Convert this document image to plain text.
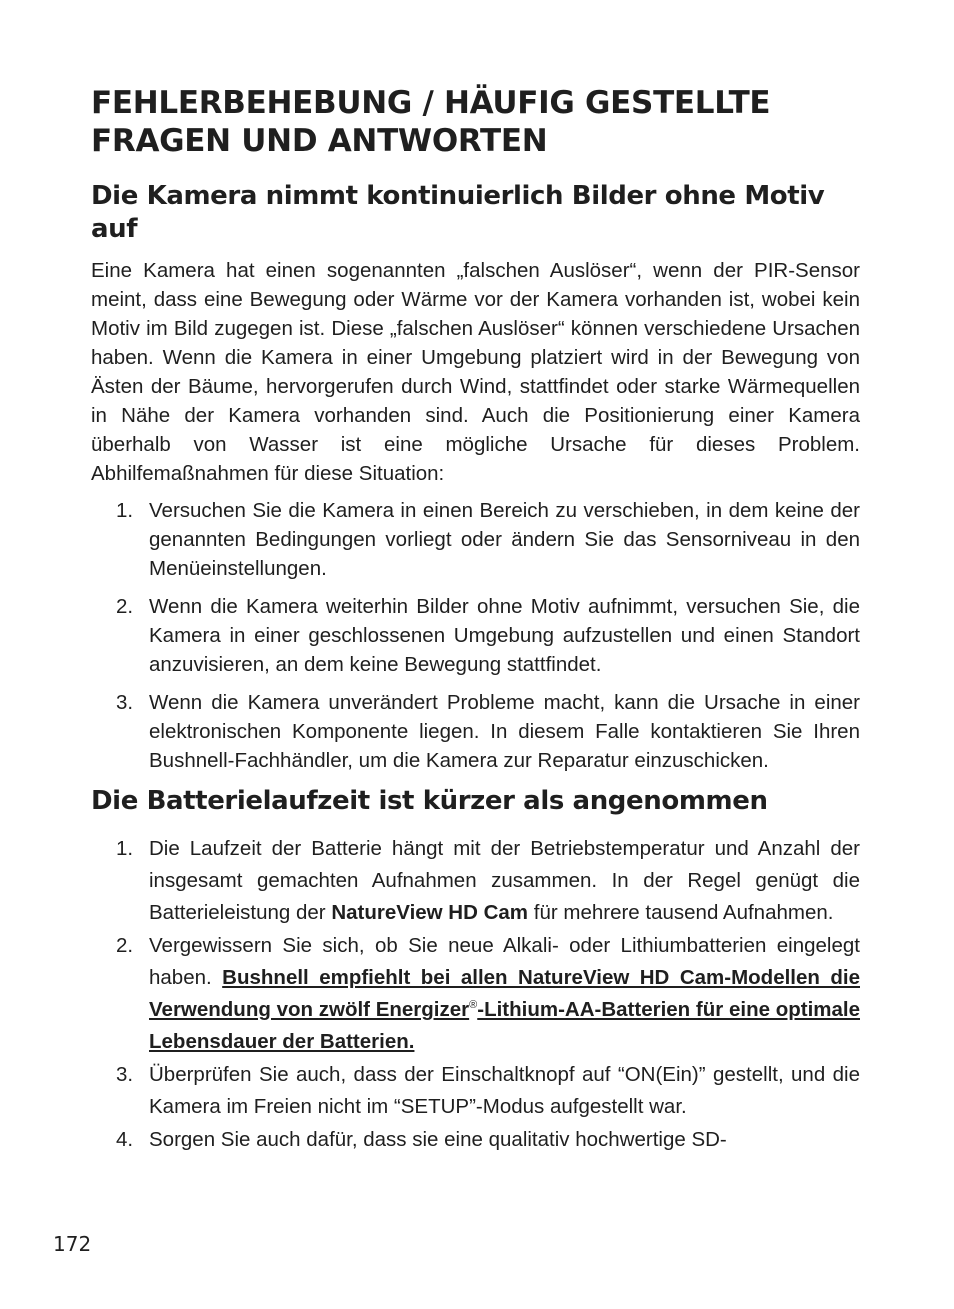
FEHLERBEHEBUNG / HÄUFIG GESTELLTE FRAGEN UND ANTWORTEN
Die Kamera nimmt kontinuierlich Bilder ohne Motiv auf

Eine Kamera hat einen sogenannten „falschen Auslöser“, wenn der PIR-Sensor meint, dass eine Bewegung oder Wärme vor der Kamera vorhanden ist, wobei kein Motiv im Bild zugegen ist. Diese „falschen Auslöser“ können verschiedene Ursachen haben. Wenn die Kamera in einer Umgebung platziert wird in der Bewegung von Ästen der Bäume, hervorgerufen durch Wind, stattfindet oder starke Wärmequellen in Nähe der Kamera vorhanden sind. Auch die Positionierung einer Kamera überhalb von Wasser ist eine mögliche Ursache für dieses Problem. Abhilfemaßnahmen für diese Situation:

1. Versuchen Sie die Kamera in einen Bereich zu verschieben, in dem keine der genannten Bedingungen vorliegt oder ändern Sie das Sensorniveau in den Menüeinstellungen.
2. Wenn die Kamera weiterhin Bilder ohne Motiv aufnimmt, versuchen Sie, die Kamera in einer geschlossenen Umgebung aufzustellen und einen Standort anzuvisieren, an dem keine Bewegung stattfindet.
3. Wenn die Kamera unverändert Probleme macht, kann die Ursache in einer elektronischen Komponente liegen. In diesem Falle kontaktieren Sie Ihren Bushnell-Fachhändler, um die Kamera zur Reparatur einzuschicken.
Die Batterielaufzeit ist kürzer als angenommen
1. Die Laufzeit der Batterie hängt mit der Betriebstemperatur und Anzahl der insgesamt gemachten Aufnahmen zusammen. In der Regel genügt die Batterieleistung der NatureView HD Cam für mehrere tausend Aufnahmen.
2. Vergewissern Sie sich, ob Sie neue Alkali- oder Lithiumbatterien eingelegt haben. Bushnell empfiehlt bei allen NatureView HD Cam-Modellen die Verwendung von zwölf Energizer®-Lithium-AA-Batterien für eine optimale Lebensdauer der Batterien.
3. Überprüfen Sie auch, dass der Einschaltknopf auf “ON(Ein)” gestellt, und die Kamera im Freien nicht im “SETUP”-Modus aufgestellt war.
4. Sorgen Sie auch dafür, dass sie eine qualitativ hochwertige SD-
172
